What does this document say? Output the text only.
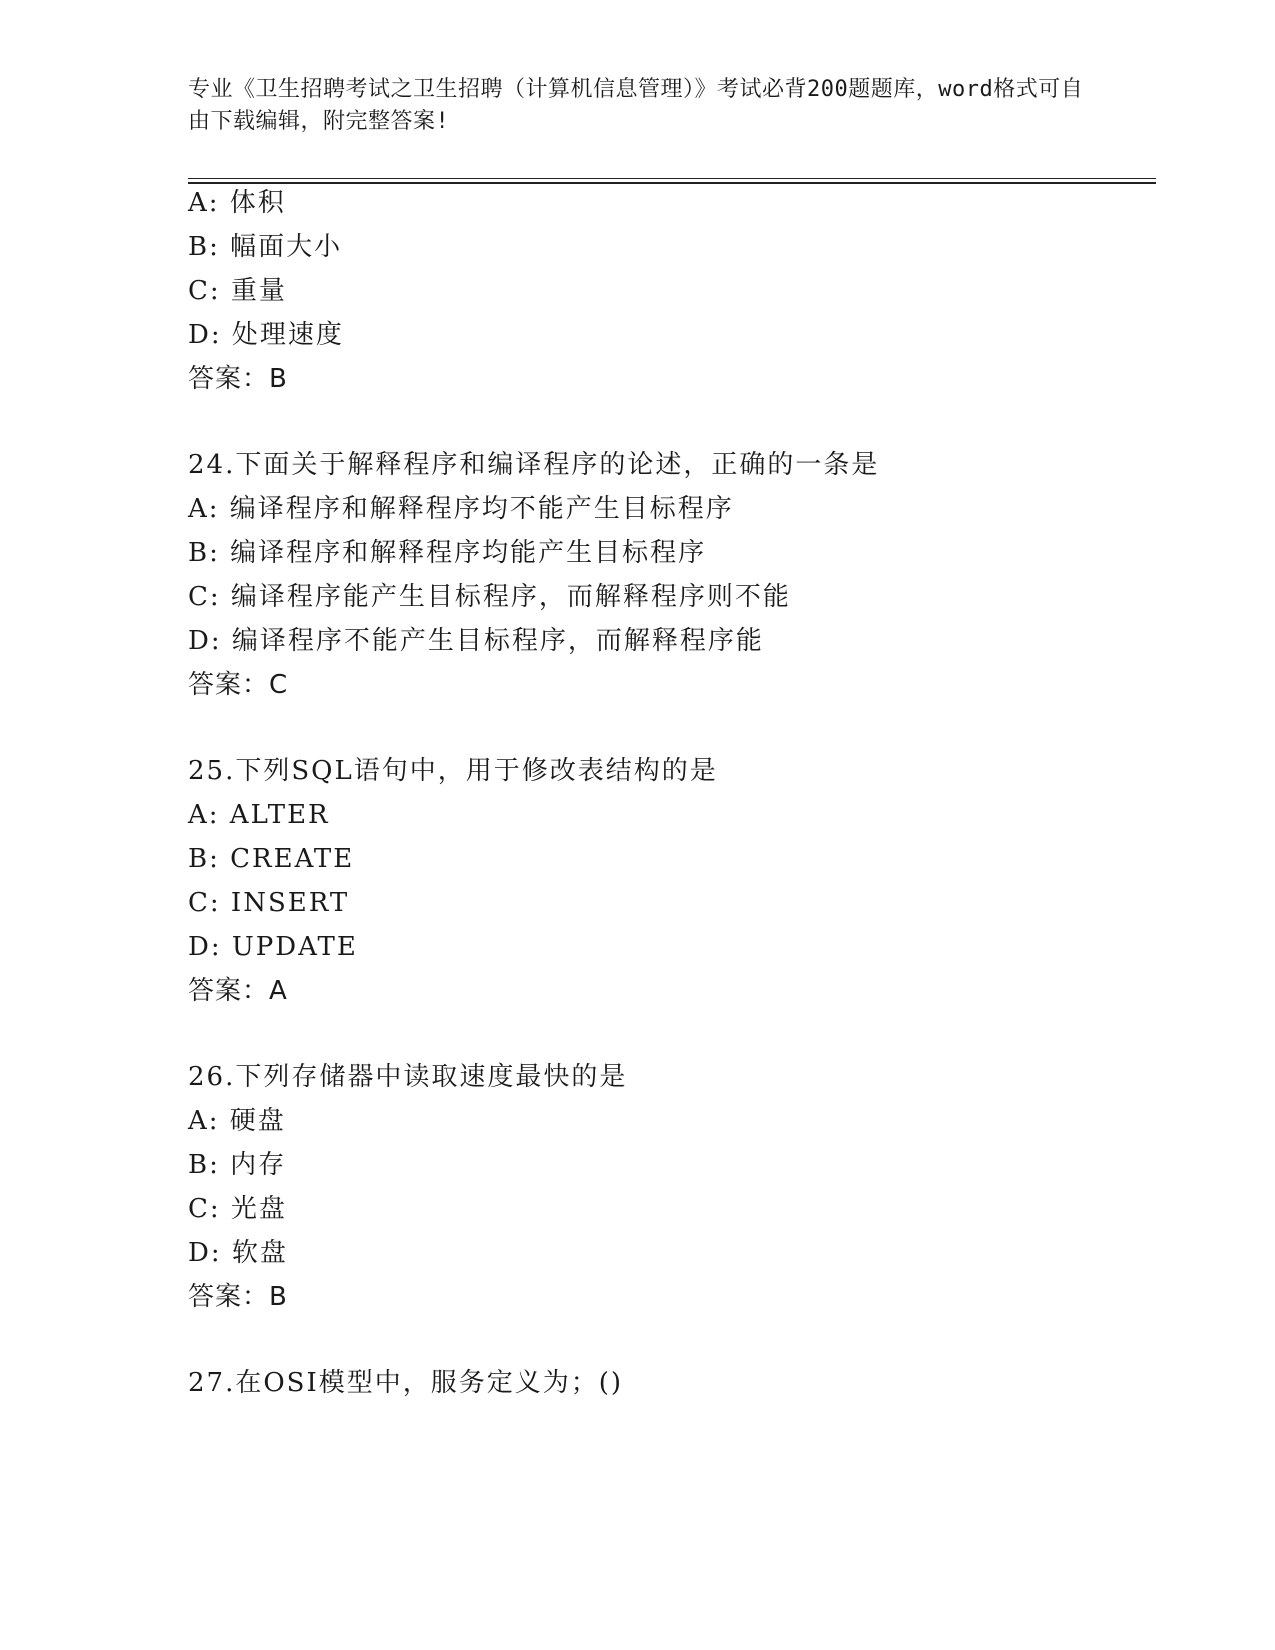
专业《卫生招聘考试之卫生招聘（计算机信息管理）》考试必背200题题库，word格式可自由下载编辑，附完整答案!
A: 体积
B: 幅面大小
C: 重量
D: 处理速度
答案：B
24.下面关于解释程序和编译程序的论述，正确的一条是
A: 编译程序和解释程序均不能产生目标程序
B: 编译程序和解释程序均能产生目标程序
C: 编译程序能产生目标程序，而解释程序则不能
D: 编译程序不能产生目标程序，而解释程序能
答案：C
25.下列SQL语句中，用于修改表结构的是
A: ALTER
B: CREATE
C: INSERT
D: UPDATE
答案：A
26.下列存储器中读取速度最快的是
A: 硬盘
B: 内存
C: 光盘
D: 软盘
答案：B
27.在OSI模型中，服务定义为；()
